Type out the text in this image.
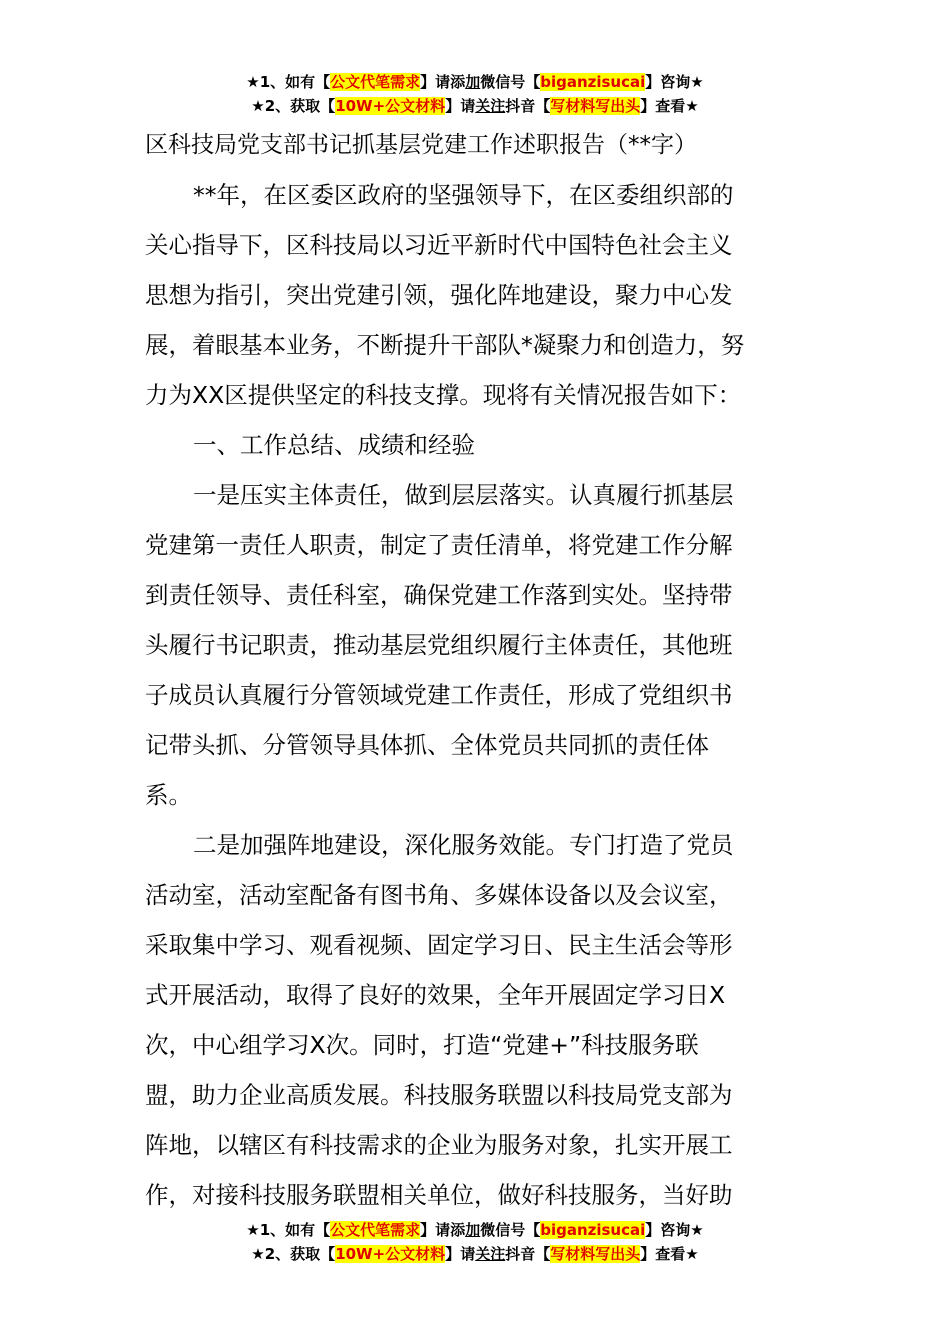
★1、如有【公文代笔需求】请添加微信号【biganzisucai】咨询★
★2、获取【10W+公文材料】请关注抖音【写材料写出头】查看★
区科技局党支部书记抓基层党建工作述职报告（**字）
**年，在区委区政府的坚强领导下，在区委组织部的
关心指导下，区科技局以习近平新时代中国特色社会主义
思想为指引，突出党建引领，强化阵地建设，聚力中心发
展，着眼基本业务，不断提升干部队*凝聚力和创造力，努
力为XX区提供坚定的科技支撑。现将有关情况报告如下：
一、工作总结、成绩和经验
一是压实主体责任，做到层层落实。认真履行抓基层
党建第一责任人职责，制定了责任清单，将党建工作分解
到责任领导、责任科室，确保党建工作落到实处。坚持带
头履行书记职责，推动基层党组织履行主体责任，其他班
子成员认真履行分管领域党建工作责任，形成了党组织书
记带头抓、分管领导具体抓、全体党员共同抓的责任体
系。
二是加强阵地建设，深化服务效能。专门打造了党员
活动室，活动室配备有图书角、多媒体设备以及会议室，
采取集中学习、观看视频、固定学习日、民主生活会等形
式开展活动，取得了良好的效果，全年开展固定学习日X
次，中心组学习X次。同时，打造“党建+”科技服务联
盟，助力企业高质发展。科技服务联盟以科技局党支部为
阵地，以辖区有科技需求的企业为服务对象，扎实开展工
作，对接科技服务联盟相关单位，做好科技服务，当好助
★1、如有【公文代笔需求】请添加微信号【biganzisucai】咨询★
★2、获取【10W+公文材料】请关注抖音【写材料写出头】查看★
